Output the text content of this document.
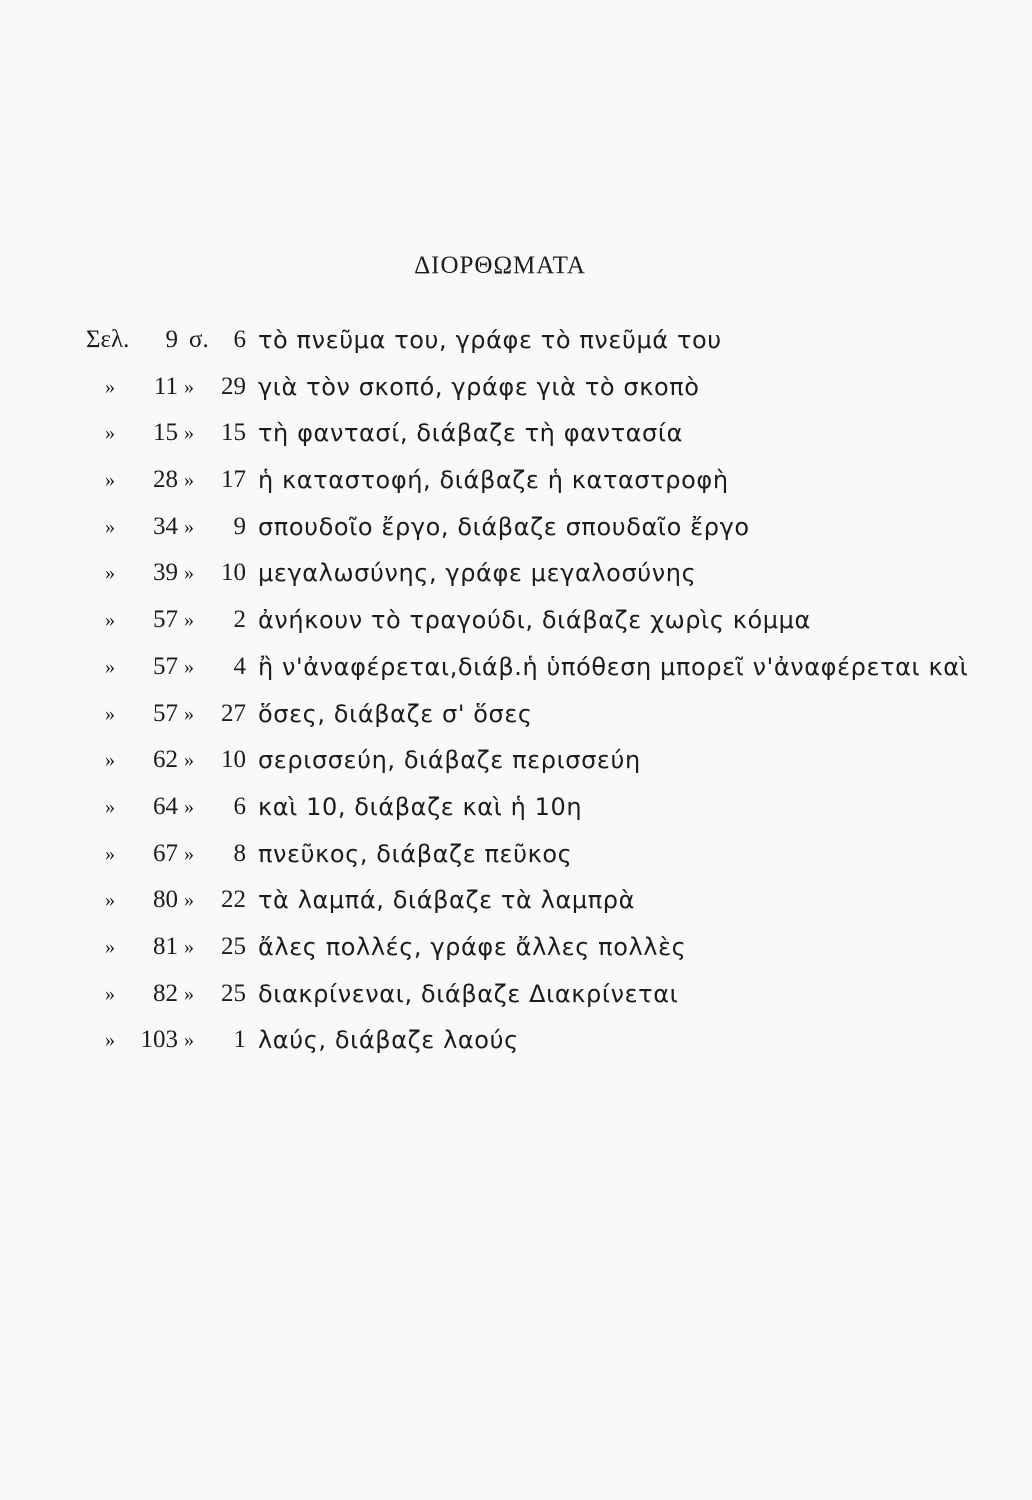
ΔΙΟΡΘΩΜΑΤΑ
Σελ.	9 σ. 6 τὸ πνεῦμα του, γράφε τὸ πνεῦμά του
»	11 »	29 γιὰ τὸν σκοπό, γράφε γιὰ τὸ σκοπὸ
»	15 »	15 τὴ φαντασί, διάβαζε τὴ φαντασία
»	28 »	17 ἡ καταστοφή, διάβαζε ἡ καταστροφὴ
»	34 »	9 σπουδοῖο ἔργο, διάβαζε σπουδαῖο ἔργο
»	39 »	10 μεγαλωσύνης, γράφε μεγαλοσύνης
»	57 »	2 ἀνήκουν τὸ τραγούδι, διάβαζε χωρὶς κόμμα
»	57 »	4 ἢ ν'ἀναφέρεται,διάβ.ἡ ὑπόθεση μπορεῖ ν'ἀναφέρεται καὶ
»	57 »	27 ὅσες, διάβαζε σ' ὅσες
»	62 »	10 σερισσεύη, διάβαζε περισσεύη
»	64 »	6 καὶ 10, διάβαζε καὶ ἡ 10η
»	67 »	8 πνεῦκος, διάβαζε πεῦκος
»	80 »	22 τὰ λαμπά, διάβαζε τὰ λαμπρὰ
»	81 »	25 ἄλες πολλές, γράφε ἄλλες πολλὲς
»	82 »	25 διακρίνεναι, διάβαζε Διακρίνεται
»	103 »	1 λαύς, διάβαζε λαούς
